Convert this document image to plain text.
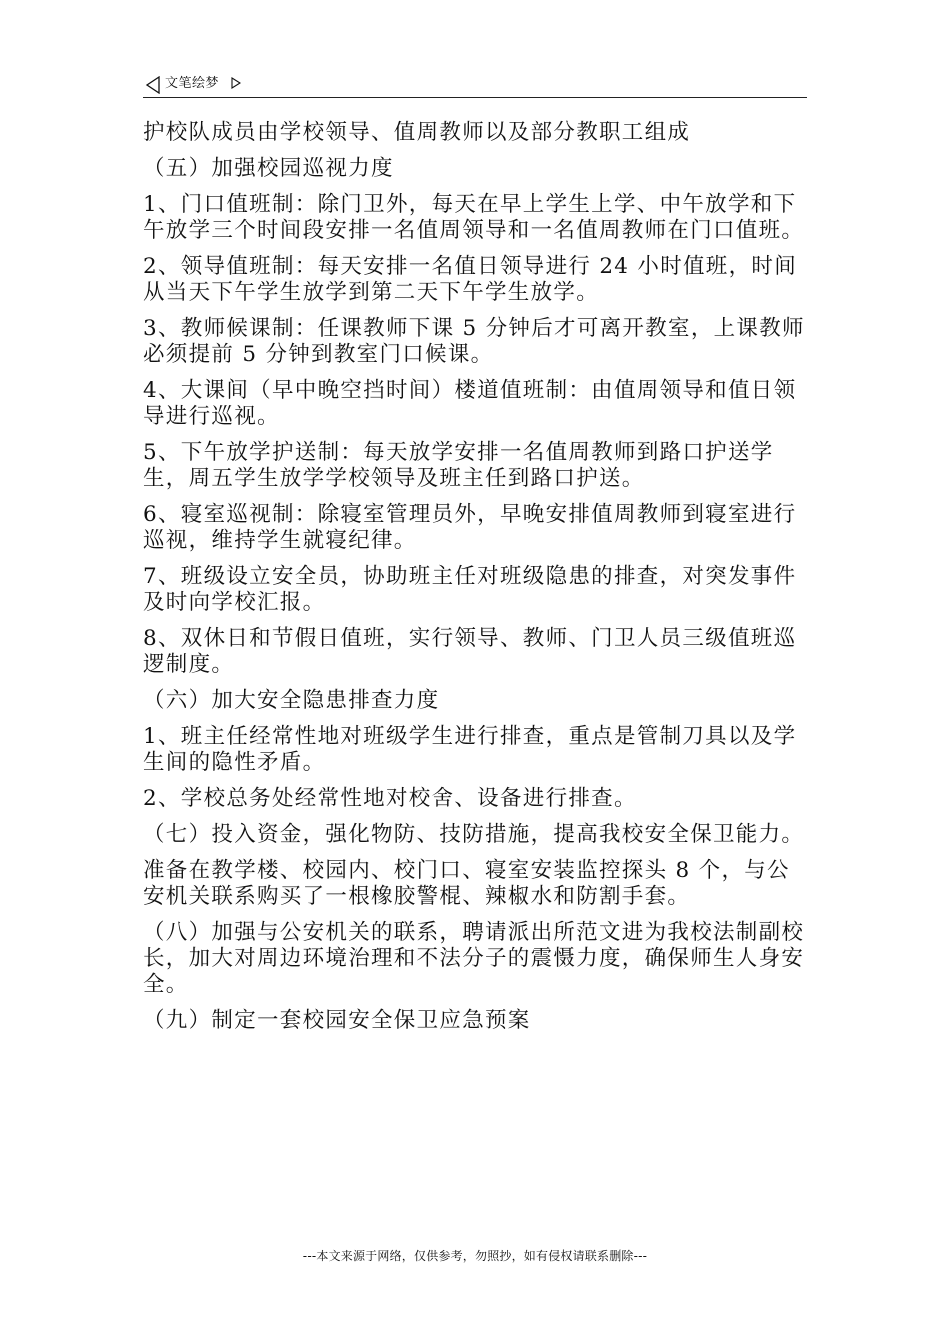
文笔绘梦

护校队成员由学校领导、值周教师以及部分教职工组成

（五）加强校园巡视力度

1、门口值班制：除门卫外，每天在早上学生上学、中午放学和下午放学三个时间段安排一名值周领导和一名值周教师在门口值班。

2、领导值班制：每天安排一名值日领导进行 24 小时值班，时间从当天下午学生放学到第二天下午学生放学。

3、教师候课制：任课教师下课 5 分钟后才可离开教室，上课教师必须提前 5 分钟到教室门口候课。

4、大课间（早中晚空挡时间）楼道值班制：由值周领导和值日领导进行巡视。

5、下午放学护送制：每天放学安排一名值周教师到路口护送学生，周五学生放学学校领导及班主任到路口护送。

6、寝室巡视制：除寝室管理员外，早晚安排值周教师到寝室进行巡视，维持学生就寝纪律。

7、班级设立安全员，协助班主任对班级隐患的排查，对突发事件及时向学校汇报。

8、双休日和节假日值班，实行领导、教师、门卫人员三级值班巡逻制度。

（六）加大安全隐患排查力度

1、班主任经常性地对班级学生进行排查，重点是管制刀具以及学生间的隐性矛盾。

2、学校总务处经常性地对校舍、设备进行排查。

（七）投入资金，强化物防、技防措施，提高我校安全保卫能力。

准备在教学楼、校园内、校门口、寝室安装监控探头 8 个，与公安机关联系购买了一根橡胶警棍、辣椒水和防割手套。

（八）加强与公安机关的联系，聘请派出所范文进为我校法制副校长，加大对周边环境治理和不法分子的震慑力度，确保师生人身安全。

（九）制定一套校园安全保卫应急预案

---本文来源于网络，仅供参考，勿照抄，如有侵权请联系删除---
